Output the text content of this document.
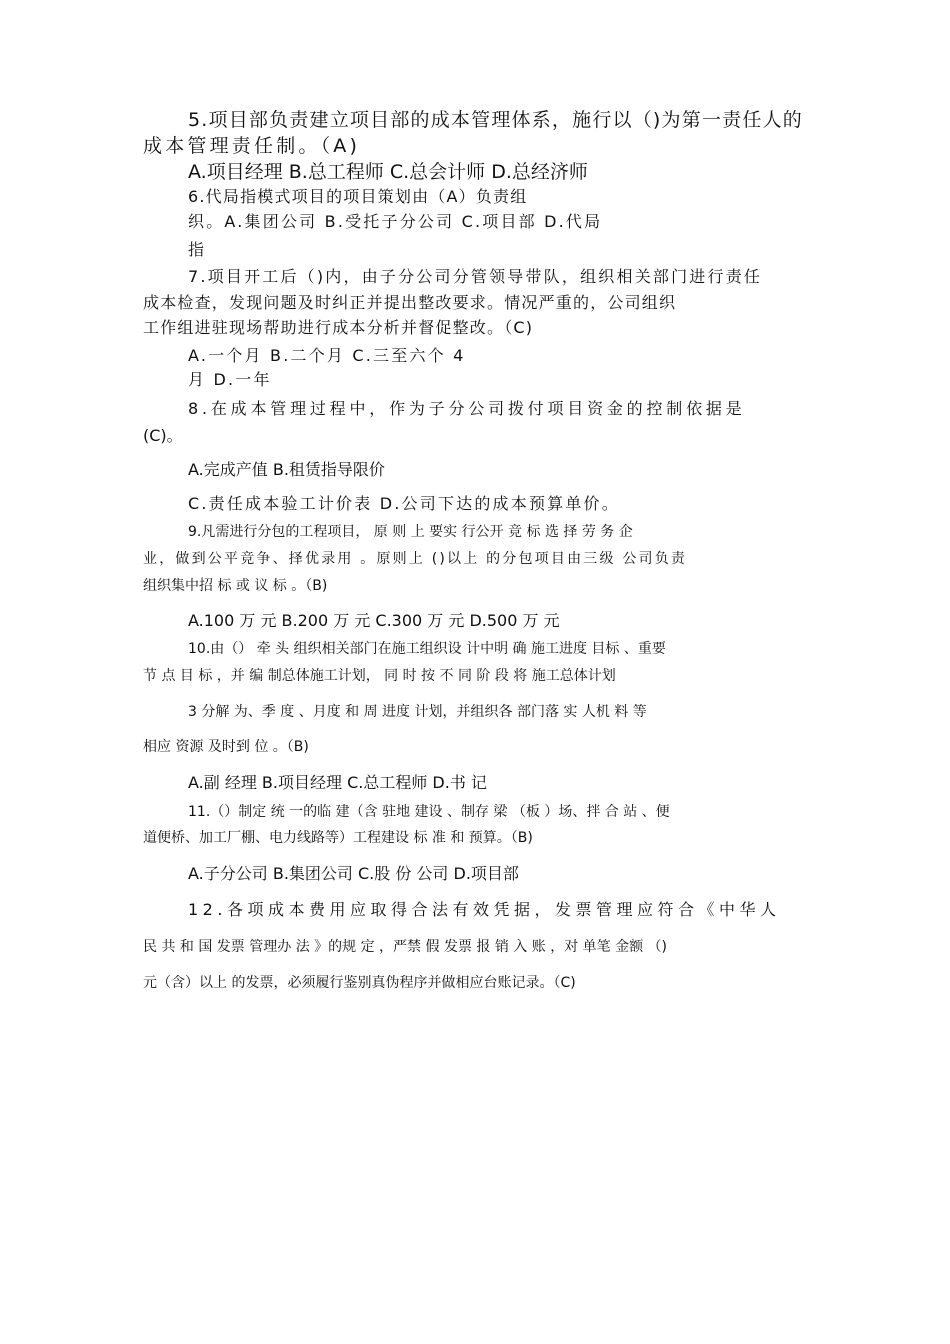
5.项目部负责建立项目部的成本管理体系，施行以（)为第一责任人的

成本管理责任制。（A)

A.项目经理 B.总工程师 C.总会计师 D.总经济师

6.代局指模式项目的项目策划由（A）负责组

织。A.集团公司 B.受托子分公司 C.项目部 D.代局

指

7.项目开工后（)内，由子分公司分管领导带队，组织相关部门进行责任

成本检查，发现问题及时纠正并提出整改要求。情况严重的，公司组织

工作组进驻现场帮助进行成本分析并督促整改。（C)

A.一个月 B.二个月 C.三至六个 4

月 D.一年

8.在成本管理过程中，作为子分公司拨付项目资金的控制依据是

(C)。

A.完成产值 B.租赁指导限价

C.责任成本验工计价表 D.公司下达的成本预算单价。

9.凡需进行分包的工程项目， 原 则 上 要实 行公开 竞 标 选 择 劳 务 企

业，做到公平竞争、择优录用 。原则上 ()以上 的分包项目由三级 公司负责

组织集中招 标 或 议 标 。（B)

A.100 万 元 B.200 万 元 C.300 万 元 D.500 万 元

10.由（） 牵 头 组织相关部门在施工组织设 计中明 确 施工进度 目标 、重要

节 点 目 标 ，并 编 制总体施工计划， 同 时 按 不 同 阶 段 将 施工总体计划

3 分解 为、季 度 、月度 和 周 进度 计划，并组织各 部门落 实 人机 料 等

相应 资源 及时到 位 。（B)

A.副 经理 B.项目经理 C.总工程师 D.书 记

11.（）制定 统 一的临 建（含 驻地 建设 、制存 梁 （板 ）场、拌 合 站 、便

道便桥、加工厂棚、电力线路等）工程建设 标 准 和 预算。（B)

A.子分公司 B.集团公司 C.股 份 公司 D.项目部

12.各项成本费用应取得合法有效凭据，发票管理应符合《中华人

民 共 和 国 发票 管理办 法 》的规 定 ，严禁 假 发票 报 销 入 账 ，对 单笔 金额 （)

元（含）以上 的发票，必须履行鉴别真伪程序并做相应台账记录。（C)
